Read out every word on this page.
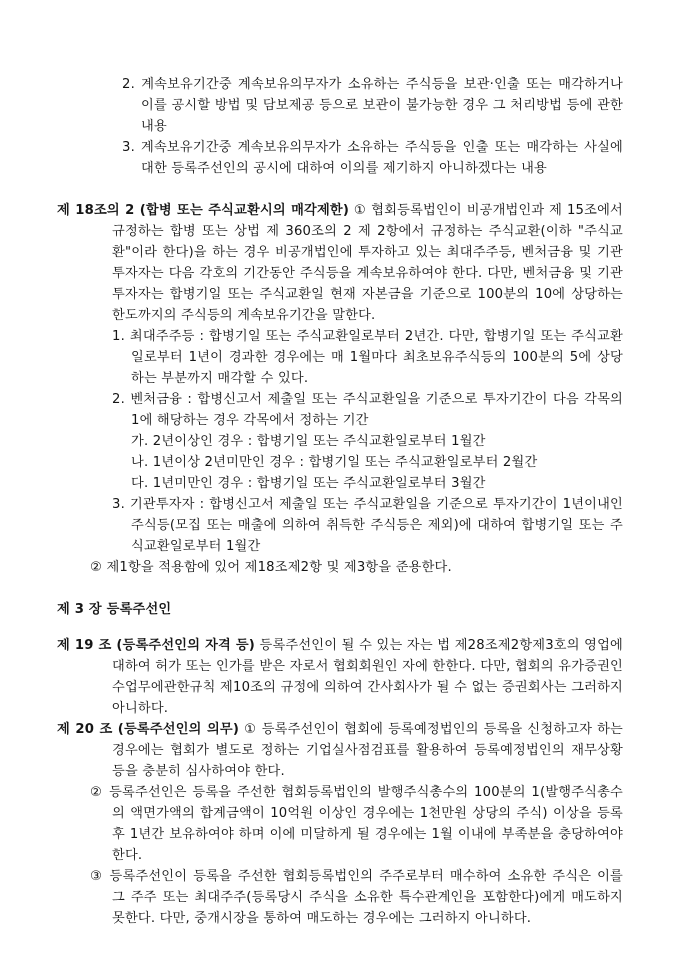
2. 계속보유기간중 계속보유의무자가 소유하는 주식등을 보관·인출 또는 매각하거나 이를 공시할 방법 및 담보제공 등으로 보관이 불가능한 경우 그 처리방법 등에 관한 내용

3. 계속보유기간중 계속보유의무자가 소유하는 주식등을 인출 또는 매각하는 사실에 대한 등록주선인의 공시에 대하여 이의를 제기하지 아니하겠다는 내용

제 18조의 2 (합병 또는 주식교환시의 매각제한) ① 협회등록법인이 비공개법인과 제 15조에서 규정하는 합병 또는 상법 제 360조의 2 제 2항에서 규정하는 주식교환(이하 "주식교환"이라 한다)을 하는 경우 비공개법인에 투자하고 있는 최대주주등, 벤처금융 및 기관투자자는 다음 각호의 기간동안 주식등을 계속보유하여야 한다. 다만, 벤처금융 및 기관투자자는 합병기일 또는 주식교환일 현재 자본금을 기준으로 100분의 10에 상당하는 한도까지의 주식등의 계속보유기간을 말한다.

1. 최대주주등 : 합병기일 또는 주식교환일로부터 2년간. 다만, 합병기일 또는 주식교환일로부터 1년이 경과한 경우에는 매 1월마다 최초보유주식등의 100분의 5에 상당하는 부분까지 매각할 수 있다.

2. 벤처금융 : 합병신고서 제출일 또는 주식교환일을 기준으로 투자기간이 다음 각목의 1에 해당하는 경우 각목에서 정하는 기간

가. 2년이상인 경우 : 합병기일 또는 주식교환일로부터 1월간

나. 1년이상 2년미만인 경우 : 합병기일 또는 주식교환일로부터 2월간

다. 1년미만인 경우 : 합병기일 또는 주식교환일로부터 3월간

3. 기관투자자 : 합병신고서 제출일 또는 주식교환일을 기준으로 투자기간이 1년이내인 주식등(모집 또는 매출에 의하여 취득한 주식등은 제외)에 대하여 합병기일 또는 주식교환일로부터 1월간

② 제1항을 적용함에 있어 제18조제2항 및 제3항을 준용한다.

제 3 장 등록주선인

제 19 조 (등록주선인의 자격 등) 등록주선인이 될 수 있는 자는 법 제28조제2항제3호의 영업에 대하여 허가 또는 인가를 받은 자로서 협회회원인 자에 한한다. 다만, 협회의 유가증권인수업무에관한규칙 제10조의 규정에 의하여 간사회사가 될 수 없는 증권회사는 그러하지 아니하다.

제 20 조 (등록주선인의 의무) ① 등록주선인이 협회에 등록예정법인의 등록을 신청하고자 하는 경우에는 협회가 별도로 정하는 기업실사점검표를 활용하여 등록예정법인의 재무상황 등을 충분히 심사하여야 한다.

② 등록주선인은 등록을 주선한 협회등록법인의 발행주식총수의 100분의 1(발행주식총수의 액면가액의 합계금액이 10억원 이상인 경우에는 1천만원 상당의 주식) 이상을 등록 후 1년간 보유하여야 하며 이에 미달하게 될 경우에는 1월 이내에 부족분을 충당하여야 한다.

③ 등록주선인이 등록을 주선한 협회등록법인의 주주로부터 매수하여 소유한 주식은 이를 그 주주 또는 최대주주(등록당시 주식을 소유한 특수관계인을 포함한다)에게 매도하지 못한다. 다만, 중개시장을 통하여 매도하는 경우에는 그러하지 아니하다.
